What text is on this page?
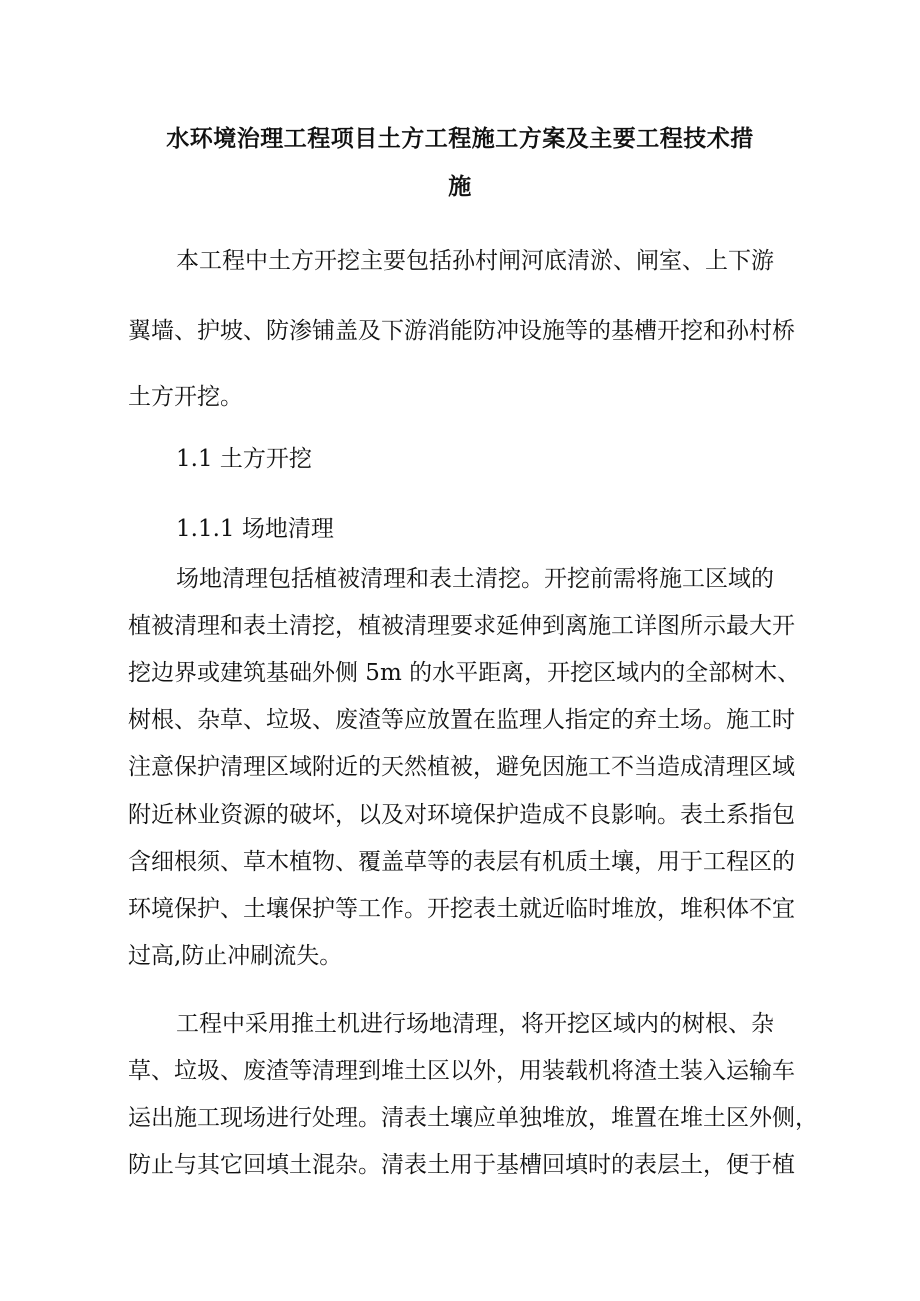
水环境治理工程项目土方工程施工方案及主要工程技术措
施

本工程中土方开挖主要包括孙村闸河底清淤、闸室、上下游

翼墙、护坡、防渗铺盖及下游消能防冲设施等的基槽开挖和孙村桥

土方开挖。

1.1 土方开挖

1.1.1 场地清理

场地清理包括植被清理和表土清挖。开挖前需将施工区域的

植被清理和表土清挖，植被清理要求延伸到离施工详图所示最大开

挖边界或建筑基础外侧 5m 的水平距离，开挖区域内的全部树木、

树根、杂草、垃圾、废渣等应放置在监理人指定的弃土场。施工时

注意保护清理区域附近的天然植被，避免因施工不当造成清理区域

附近林业资源的破坏，以及对环境保护造成不良影响。表土系指包

含细根须、草木植物、覆盖草等的表层有机质土壤，用于工程区的

环境保护、土壤保护等工作。开挖表土就近临时堆放，堆积体不宜

过高,防止冲刷流失。

工程中采用推土机进行场地清理，将开挖区域内的树根、杂

草、垃圾、废渣等清理到堆土区以外，用装载机将渣土装入运输车

运出施工现场进行处理。清表土壤应单独堆放，堆置在堆土区外侧，

防止与其它回填土混杂。清表土用于基槽回填时的表层土，便于植
